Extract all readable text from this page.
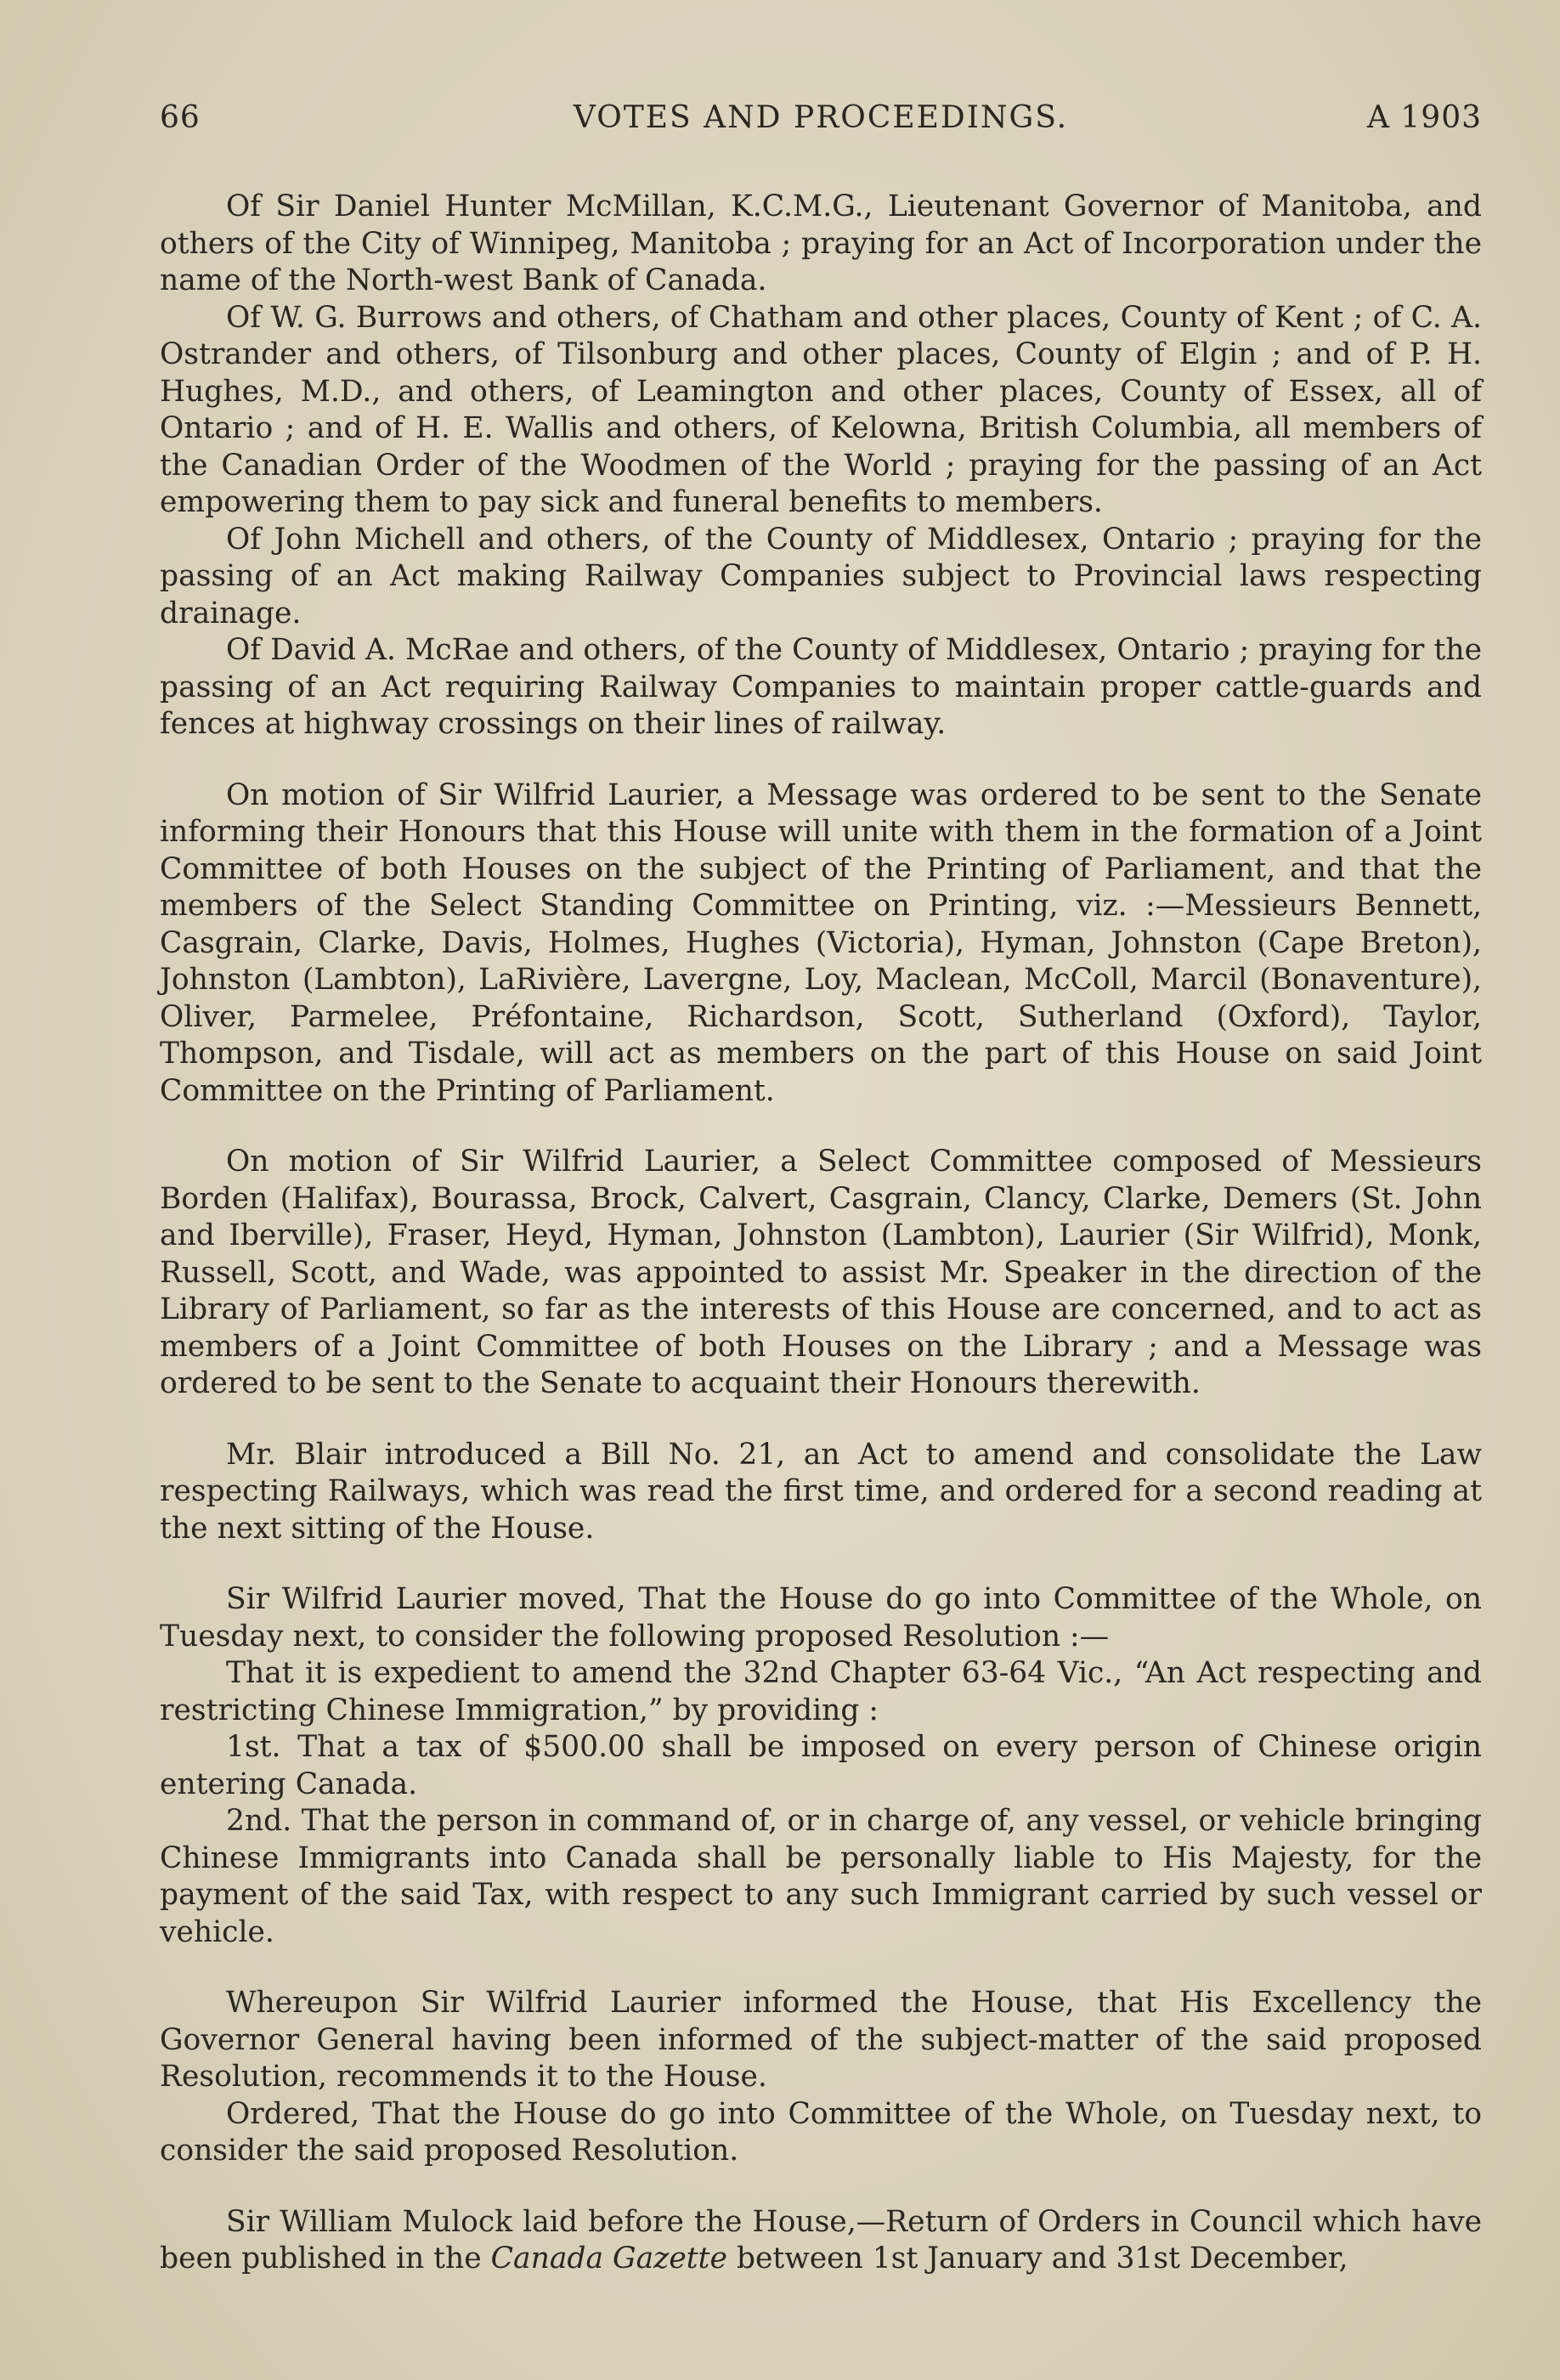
66	VOTES AND PROCEEDINGS.	A 1903

Of Sir Daniel Hunter McMillan, K.C.M.G., Lieutenant Governor of Manitoba, and others of the City of Winnipeg, Manitoba ; praying for an Act of Incorporation under the name of the North-west Bank of Canada.

Of W. G. Burrows and others, of Chatham and other places, County of Kent ; of C. A. Ostrander and others, of Tilsonburg and other places, County of Elgin ; and of P. H. Hughes, M.D., and others, of Leamington and other places, County of Essex, all of Ontario ; and of H. E. Wallis and others, of Kelowna, British Columbia, all members of the Canadian Order of the Woodmen of the World ; praying for the passing of an Act empowering them to pay sick and funeral benefits to members.

Of John Michell and others, of the County of Middlesex, Ontario ; praying for the passing of an Act making Railway Companies subject to Provincial laws respecting drainage.

Of David A. McRae and others, of the County of Middlesex, Ontario ; praying for the passing of an Act requiring Railway Companies to maintain proper cattle-guards and fences at highway crossings on their lines of railway.

On motion of Sir Wilfrid Laurier, a Message was ordered to be sent to the Senate informing their Honours that this House will unite with them in the formation of a Joint Committee of both Houses on the subject of the Printing of Parliament, and that the members of the Select Standing Committee on Printing, viz. :—Messieurs Bennett, Casgrain, Clarke, Davis, Holmes, Hughes (Victoria), Hyman, Johnston (Cape Breton), Johnston (Lambton), LaRivière, Lavergne, Loy, Maclean, McColl, Marcil (Bonaventure), Oliver, Parmelee, Préfontaine, Richardson, Scott, Sutherland (Oxford), Taylor, Thompson, and Tisdale, will act as members on the part of this House on said Joint Committee on the Printing of Parliament.

On motion of Sir Wilfrid Laurier, a Select Committee composed of Messieurs Borden (Halifax), Bourassa, Brock, Calvert, Casgrain, Clancy, Clarke, Demers (St. John and Iberville), Fraser, Heyd, Hyman, Johnston (Lambton), Laurier (Sir Wilfrid), Monk, Russell, Scott, and Wade, was appointed to assist Mr. Speaker in the direction of the Library of Parliament, so far as the interests of this House are concerned, and to act as members of a Joint Committee of both Houses on the Library ; and a Message was ordered to be sent to the Senate to acquaint their Honours therewith.

Mr. Blair introduced a Bill No. 21, an Act to amend and consolidate the Law respecting Railways, which was read the first time, and ordered for a second reading at the next sitting of the House.

Sir Wilfrid Laurier moved, That the House do go into Committee of the Whole, on Tuesday next, to consider the following proposed Resolution :—

That it is expedient to amend the 32nd Chapter 63-64 Vic., “An Act respecting and restricting Chinese Immigration,” by providing :

1st. That a tax of $500.00 shall be imposed on every person of Chinese origin entering Canada.

2nd. That the person in command of, or in charge of, any vessel, or vehicle bringing Chinese Immigrants into Canada shall be personally liable to His Majesty, for the payment of the said Tax, with respect to any such Immigrant carried by such vessel or vehicle.

Whereupon Sir Wilfrid Laurier informed the House, that His Excellency the Governor General having been informed of the subject-matter of the said proposed Resolution, recommends it to the House.

Ordered, That the House do go into Committee of the Whole, on Tuesday next, to consider the said proposed Resolution.

Sir William Mulock laid before the House,—Return of Orders in Council which have been published in the Canada Gazette between 1st January and 31st December,
